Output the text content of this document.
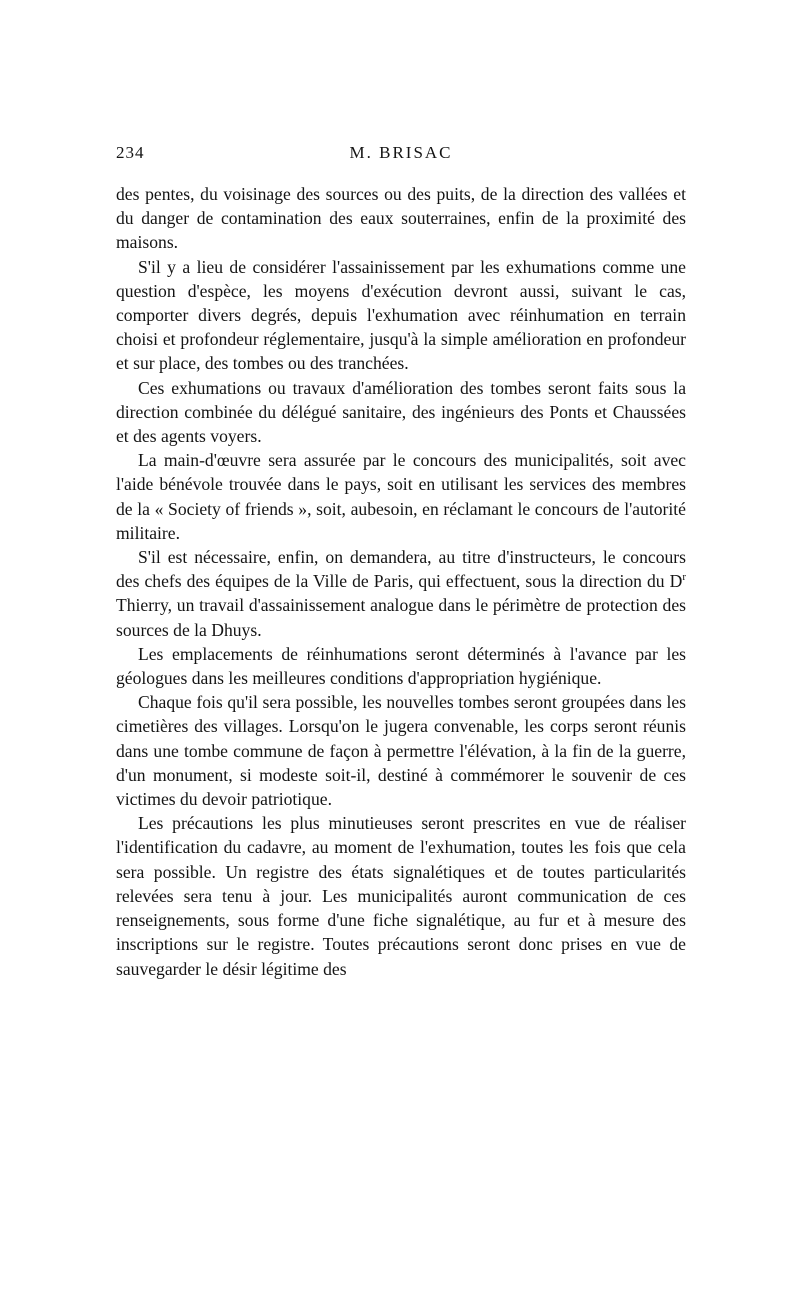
234	M. BRISAC

des pentes, du voisinage des sources ou des puits, de la direction des vallées et du danger de contamination des eaux souterraines, enfin de la proximité des maisons.

S'il y a lieu de considérer l'assainissement par les exhumations comme une question d'espèce, les moyens d'exécution devront aussi, suivant le cas, comporter divers degrés, depuis l'exhumation avec réinhumation en terrain choisi et profondeur réglementaire, jusqu'à la simple amélioration en profondeur et sur place, des tombes ou des tranchées.

Ces exhumations ou travaux d'amélioration des tombes seront faits sous la direction combinée du délégué sanitaire, des ingénieurs des Ponts et Chaussées et des agents voyers.

La main-d'œuvre sera assurée par le concours des municipalités, soit avec l'aide bénévole trouvée dans le pays, soit en utilisant les services des membres de la « Society of friends », soit, aubesoin, en réclamant le concours de l'autorité militaire.

S'il est nécessaire, enfin, on demandera, au titre d'instructeurs, le concours des chefs des équipes de la Ville de Paris, qui effectuent, sous la direction du $D^r$ Thierry, un travail d'assainissement analogue dans le périmètre de protection des sources de la Dhuys.

Les emplacements de réinhumations seront déterminés à l'avance par les géologues dans les meilleures conditions d'appropriation hygiénique.

Chaque fois qu'il sera possible, les nouvelles tombes seront groupées dans les cimetières des villages. Lorsqu'on le jugera convenable, les corps seront réunis dans une tombe commune de façon à permettre l'élévation, à la fin de la guerre, d'un monument, si modeste soit-il, destiné à commémorer le souvenir de ces victimes du devoir patriotique.

Les précautions les plus minutieuses seront prescrites en vue de réaliser l'identification du cadavre, au moment de l'exhumation, toutes les fois que cela sera possible. Un registre des états signalétiques et de toutes particularités relevées sera tenu à jour. Les municipalités auront communication de ces renseignements, sous forme d'une fiche signalétique, au fur et à mesure des inscriptions sur le registre. Toutes précautions seront donc prises en vue de sauvegarder le désir légitime des
